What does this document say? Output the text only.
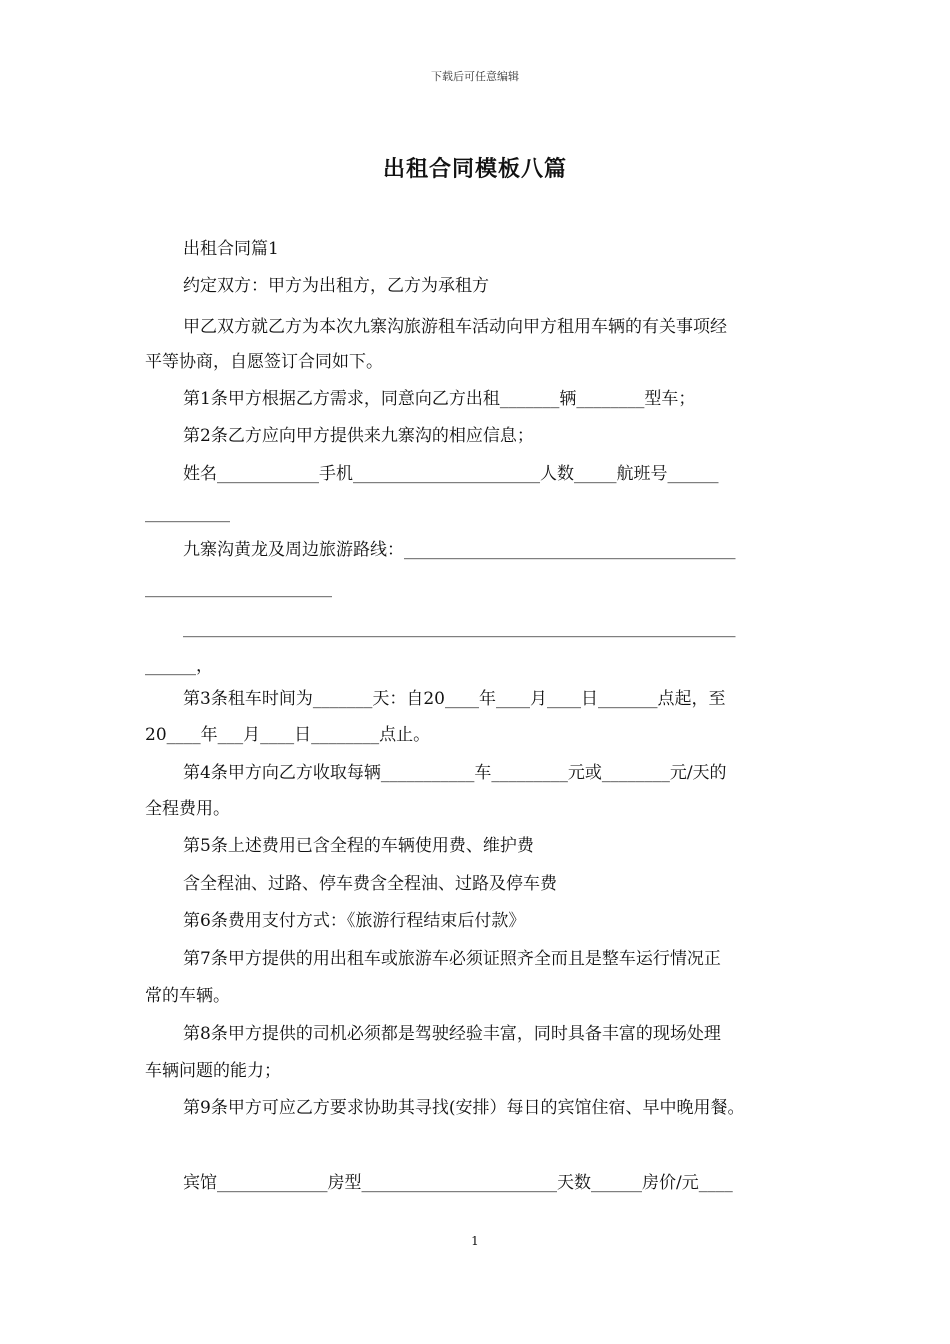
下载后可任意编辑
出租合同模板八篇
出租合同篇1
约定双方：甲方为出租方，乙方为承租方
甲乙双方就乙方为本次九寨沟旅游租车活动向甲方租用车辆的有关事项经
平等协商，自愿签订合同如下。
第1条甲方根据乙方需求，同意向乙方出租_______辆________型车；
第2条乙方应向甲方提供来九寨沟的相应信息；
姓名____________手机______________________人数_____航班号______
__________
九寨沟黄龙及周边旅游路线：_______________________________________
______________________
_________________________________________________________________
______，
第3条租车时间为_______天：自20____年____月____日_______点起，至
20____年___月____日________点止。
第4条甲方向乙方收取每辆___________车_________元或________元/天的
全程费用。
第5条上述费用已含全程的车辆使用费、维护费
含全程油、过路、停车费含全程油、过路及停车费
第6条费用支付方式：《旅游行程结束后付款》
第7条甲方提供的用出租车或旅游车必须证照齐全而且是整车运行情况正
常的车辆。
第8条甲方提供的司机必须都是驾驶经验丰富，同时具备丰富的现场处理
车辆问题的能力；
第9条甲方可应乙方要求协助其寻找(安排）每日的宾馆住宿、早中晚用餐。
宾馆_____________房型_______________________天数______房价/元____
1
